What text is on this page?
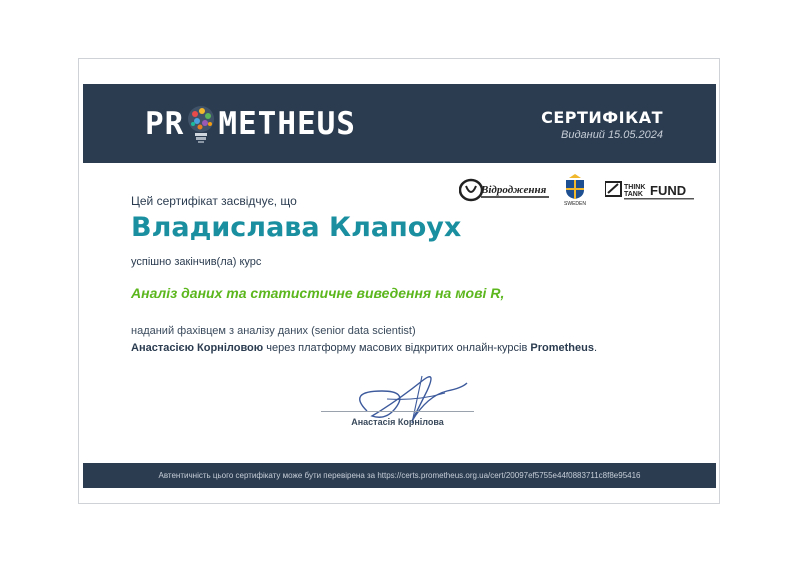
PR METHEUS	СЕРТИФІКАТ
Виданий 15.05.2024
Відродження
SWEDEN
THINK
TANK FUND
Цей сертифікат засвідчує, що
Владислава Клапоух
успішно закінчив(ла) курс
Аналіз даних та статистичне виведення на мові R,
наданий фахівцем з аналізу даних (senior data scientist)
Анастасією Корніловою через платформу масових відкритих онлайн-курсів Prometheus.
Анастасія Корнілова
Автентичність цього сертифікату може бути перевірена за https://certs.prometheus.org.ua/cert/20097ef5755e44f0883711c8f8e95416
